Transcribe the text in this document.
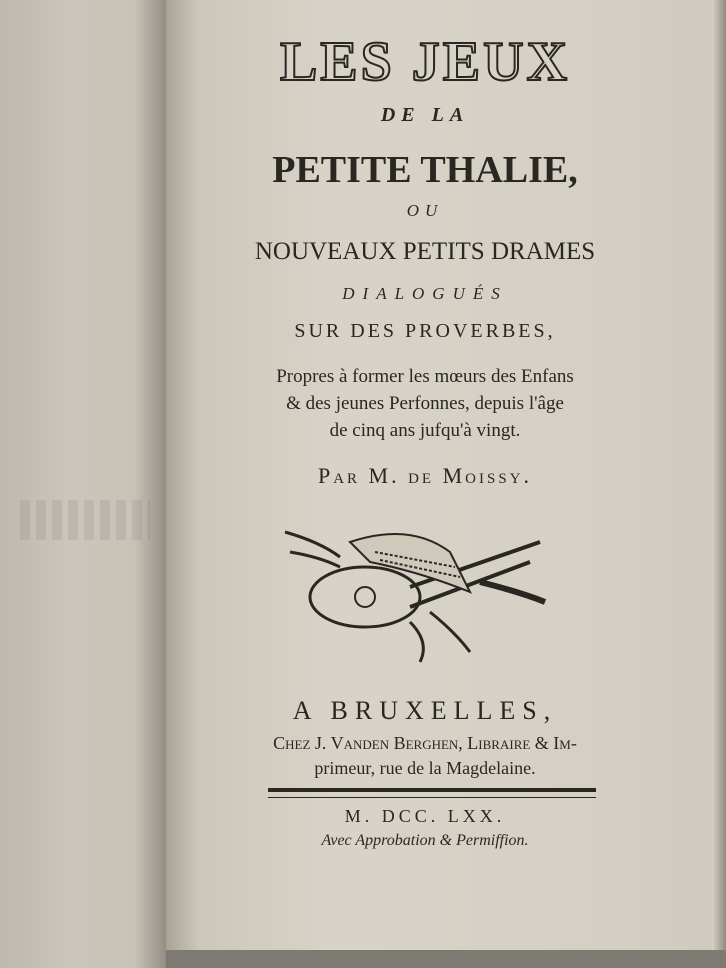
LES JEUX
DE LA
PETITE THALIE,
OU
NOUVEAUX PETITS DRAMES
DIALOGUÉS
SUR DES PROVERBES,
Propres à former les mœurs des Enfans
& des jeunes Perfonnes, depuis l'âge
de cinq ans jufqu'à vingt.
Par M. de Moissy.
A BRUXELLES,
Chez J. Vanden Berghen, Libraire & Im-
primeur, rue de la Magdelaine.
M. DCC. LXX.
Avec Approbation & Permiffion.
